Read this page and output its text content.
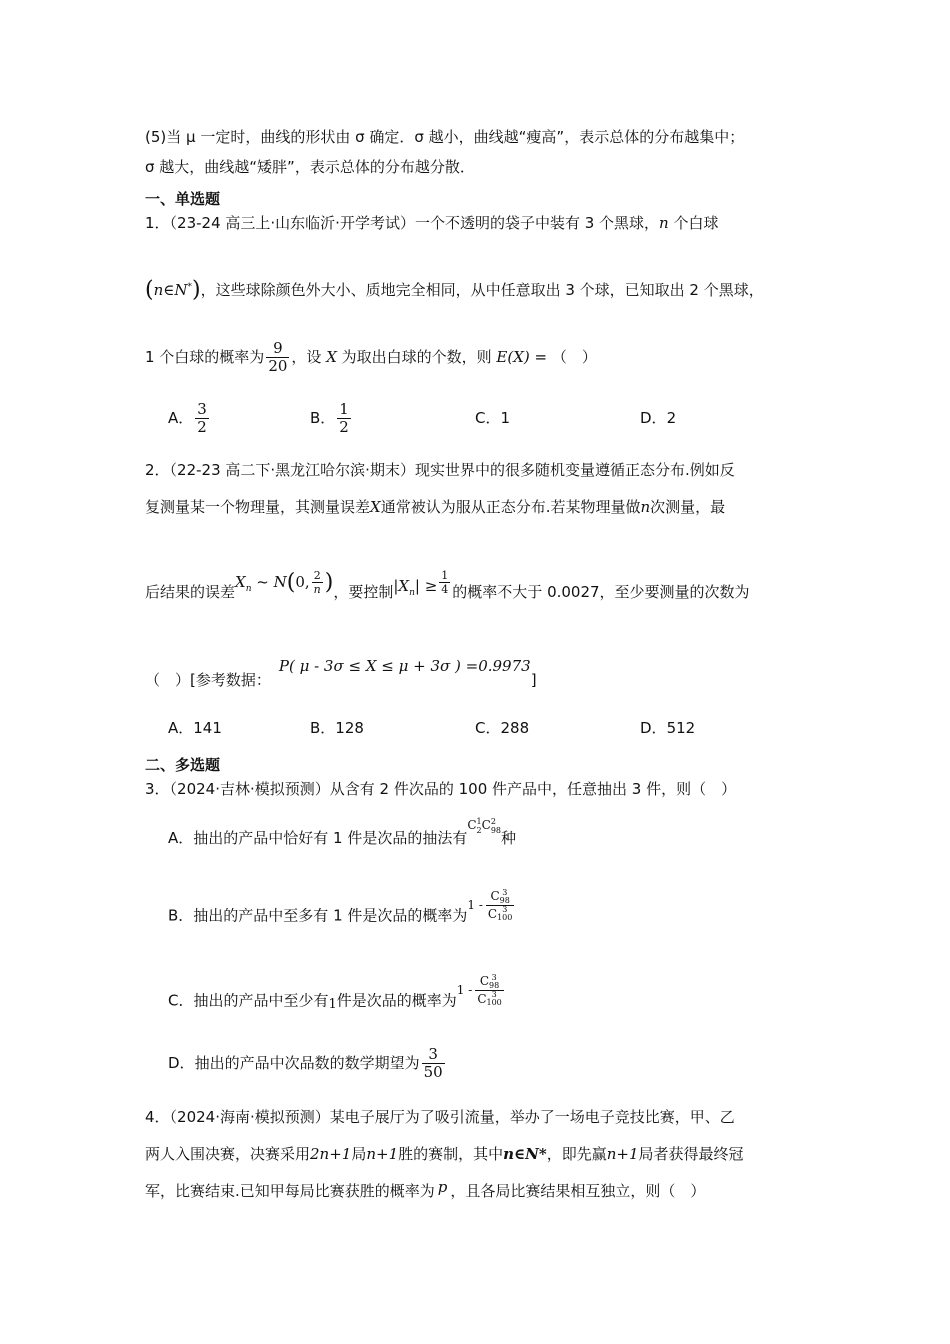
(5)当 μ 一定时，曲线的形状由 σ 确定．σ 越小，曲线越“瘦高”，表示总体的分布越集中；
σ 越大，曲线越“矮胖”，表示总体的分布越分散．
一、单选题
1．（23-24 高三上·山东临沂·开学考试）一个不透明的袋子中装有 3 个黑球，n 个白球
(n∈N*)，这些球除颜色外大小、质地完全相同，从中任意取出 3 个球，已知取出 2 个黑球，
1 个白球的概率为 $\frac{9}{20}$ ，设 X 为取出白球的个数，则 E(X) = （　）
A． $\frac{3}{2}$	B． $\frac{1}{2}$	C．1	D．2
2．（22-23 高二下·黑龙江哈尔滨·期末）现实世界中的很多随机变量遵循正态分布.例如反
复测量某一个物理量，其测量误差X通常被认为服从正态分布.若某物理量做n次测量，最
后结果的误差$X_n$ ~ N(0, $\frac{2}{n}$ )，要控制$|X_n| \ge \frac{1}{4}$ 的概率不大于 0.0027，至少要测量的次数为
（　）[参考数据：P( μ - 3σ ≤ X ≤ μ + 3σ ) =0.9973]
A．141	B．128	C．288	D．512
二、多选题
3．（2024·吉林·模拟预测）从含有 2 件次品的 100 件产品中，任意抽出 3 件，则（　）
A．抽出的产品中恰好有 1 件是次品的抽法有$^{C 1 2 C 2 98}$ 种
B．抽出的产品中至多有 1 件是次品的概率为$^{1 - C 3 98 C 3 100}$
C．抽出的产品中至少有1件是次品的概率为$^{1 - C 3 98 C 3 100}$
D．抽出的产品中次品数的数学期望为 $\frac{3}{50}$
4．（2024·海南·模拟预测）某电子展厅为了吸引流量，举办了一场电子竞技比赛，甲、乙
两人入围决赛，决赛采用2n+1局n+1胜的赛制，其中n∈N*，即先赢n+1局者获得最终冠
军，比赛结束.已知甲每局比赛获胜的概率为 p ，且各局比赛结果相互独立，则（　）
